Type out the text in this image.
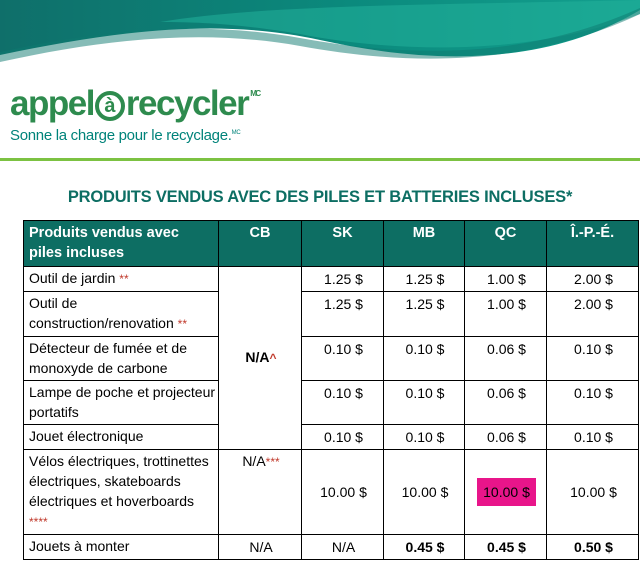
appel à recycler $^{MC}$
Sonne la charge pour le recyclage.$^{MC}$
PRODUITS VENDUS AVEC DES PILES ET BATTERIES INCLUSES*
Produits vendus avec piles incluses	CB	SK	MB	QC	Î.-P.-É.
Outil de jardin **	N/A^	1.25 $	1.25 $	1.00 $	2.00 $
Outil de construction/renovation **		1.25 $	1.25 $	1.00 $	2.00 $
Détecteur de fumée et de monoxyde de carbone		0.10 $	0.10 $	0.06 $	0.10 $
Lampe de poche et projecteur portatifs		0.10 $	0.10 $	0.06 $	0.10 $
Jouet électronique		0.10 $	0.10 $	0.06 $	0.10 $
Vélos électriques, trottinettes électriques, skateboards électriques et hoverboards ****	N/A***	10.00 $	10.00 $	10.00 $	10.00 $
Jouets à monter	N/A	N/A	0.45 $	0.45 $	0.50 $
